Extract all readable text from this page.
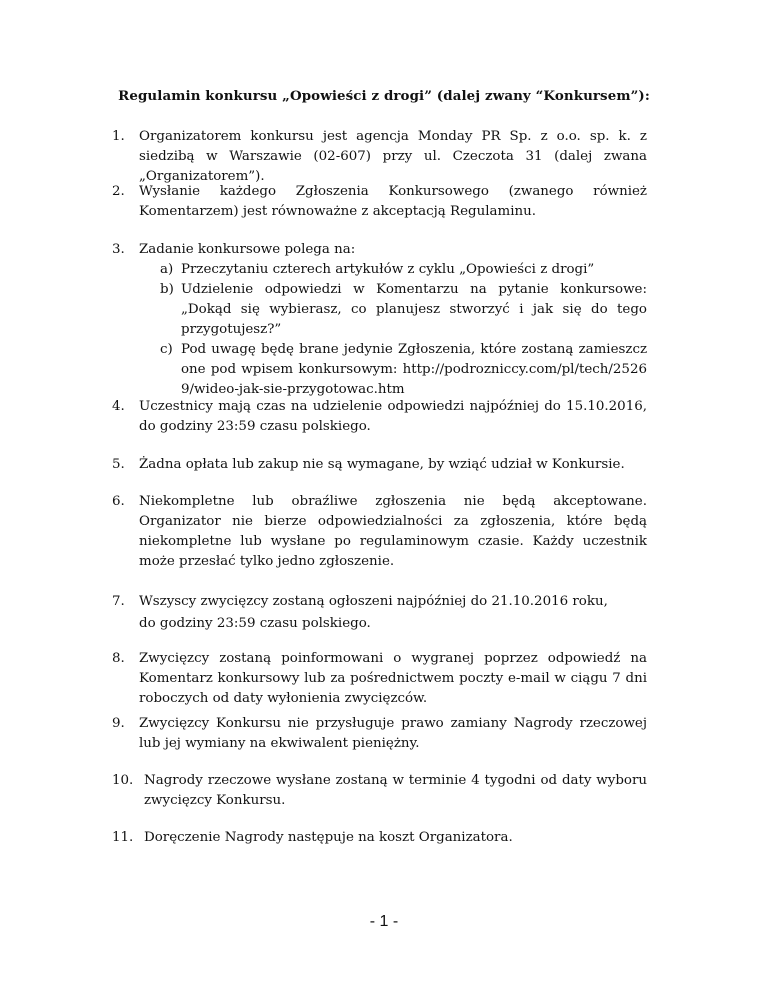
Regulamin konkursu „Opowieści z drogi” (dalej zwany “Konkursem”):
1. Organizatorem konkursu jest agencja Monday PR Sp. z o.o. sp. k. z siedzibą w Warszawie (02-607) przy ul. Czeczota 31 (dalej zwana „Organizatorem”).
2. Wysłanie każdego Zgłoszenia Konkursowego (zwanego również Komentarzem) jest równoważne z akceptacją Regulaminu.
3. Zadanie konkursowe polega na:
a) Przeczytaniu czterech artykułów z cyklu „Opowieści z drogi”
b) Udzielenie odpowiedzi w Komentarzu na pytanie konkursowe: „Dokąd się wybierasz, co planujesz stworzyć i jak się do tego przygotujesz?”
c) Pod uwagę będę brane jedynie Zgłoszenia, które zostaną zamieszczone pod wpisem konkursowym: http://podrozniccy.com/pl/tech/25269/wideo-jak-sie-przygotowac.htm
4. Uczestnicy mają czas na udzielenie odpowiedzi najpóźniej do 15.10.2016, do godziny 23:59 czasu polskiego.
5. Żadna opłata lub zakup nie są wymagane, by wziąć udział w Konkursie.
6. Niekompletne lub obraźliwe zgłoszenia nie będą akceptowane. Organizator nie bierze odpowiedzialności za zgłoszenia, które będą niekompletne lub wysłane po regulaminowym czasie. Każdy uczestnik może przesłać tylko jedno zgłoszenie.
7. Wszyscy zwycięzcy zostaną ogłoszeni najpóźniej do 21.10.2016 roku,
do godziny 23:59 czasu polskiego.
8. Zwycięzcy zostaną poinformowani o wygranej poprzez odpowiedź na Komentarz konkursowy lub za pośrednictwem poczty e-mail w ciągu 7 dni roboczych od daty wyłonienia zwycięzców.
9. Zwycięzcy Konkursu nie przysługuje prawo zamiany Nagrody rzeczowej lub jej wymiany na ekwiwalent pieniężny.
10. Nagrody rzeczowe wysłane zostaną w terminie 4 tygodni od daty wyboru zwycięzcy Konkursu.
11. Doręczenie Nagrody następuje na koszt Organizatora.
- 1 -
